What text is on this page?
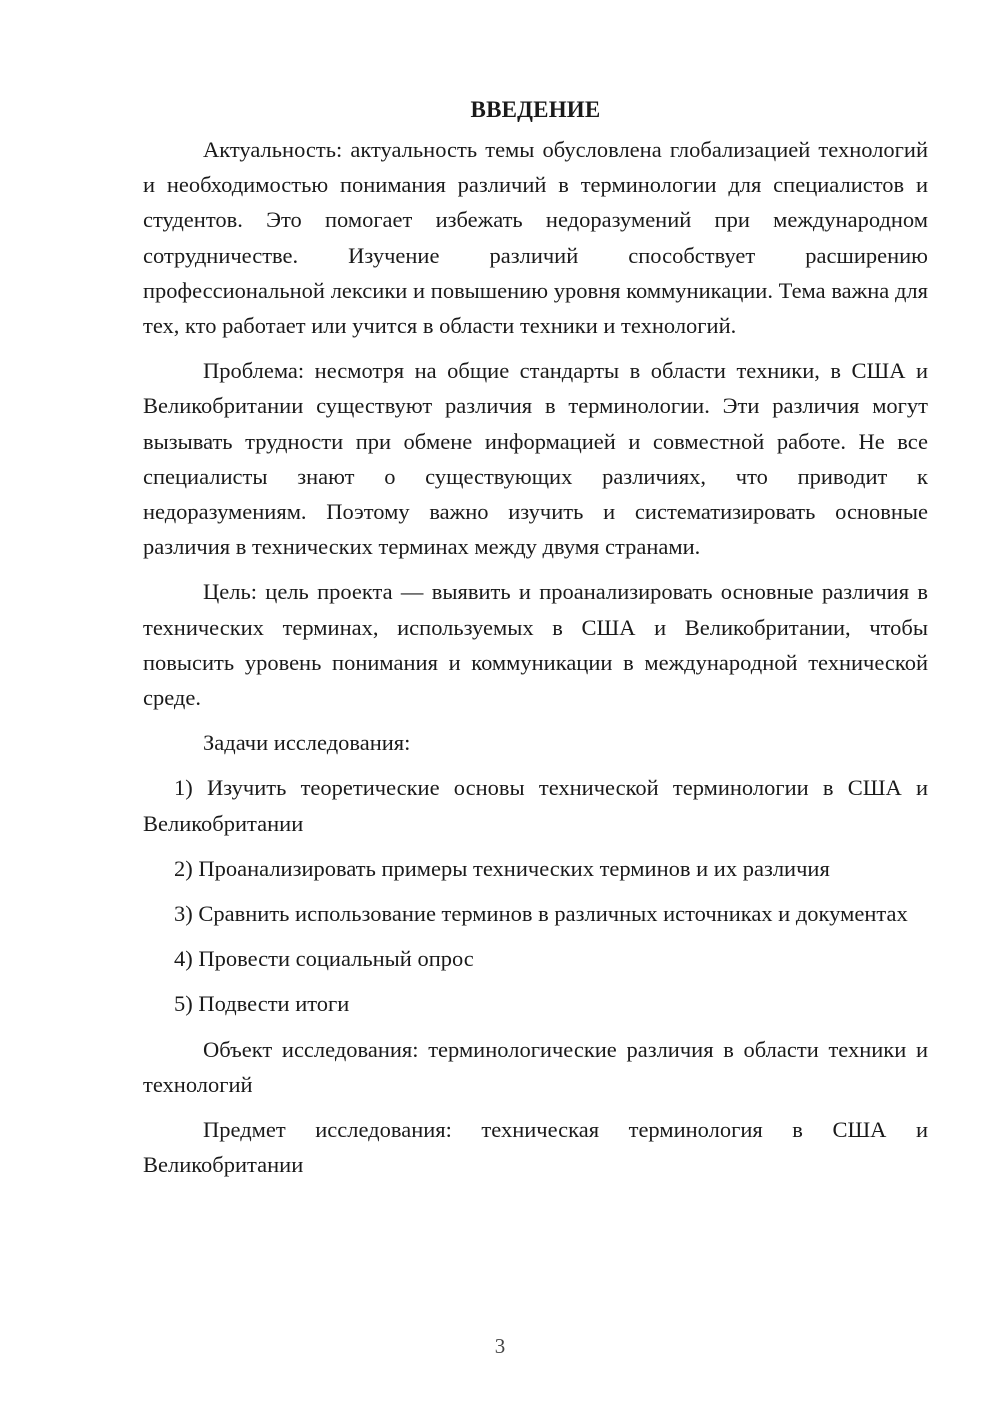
ВВЕДЕНИЕ

Актуальность: актуальность темы обусловлена глобализацией технологий и необходимостью понимания различий в терминологии для специалистов и студентов. Это помогает избежать недоразумений при международном сотрудничестве. Изучение различий способствует расширению профессиональной лексики и повышению уровня коммуникации. Тема важна для тех, кто работает или учится в области техники и технологий.

Проблема: несмотря на общие стандарты в области техники, в США и Великобритании существуют различия в терминологии. Эти различия могут вызывать трудности при обмене информацией и совместной работе. Не все специалисты знают о существующих различиях, что приводит к недоразумениям. Поэтому важно изучить и систематизировать основные различия в технических терминах между двумя странами.

Цель: цель проекта — выявить и проанализировать основные различия в технических терминах, используемых в США и Великобритании, чтобы повысить уровень понимания и коммуникации в международной технической среде.

Задачи исследования:

1) Изучить теоретические основы технической терминологии в США и Великобритании

2) Проанализировать примеры технических терминов и их различия

3) Сравнить использование терминов в различных источниках и документах

4) Провести социальный опрос

5) Подвести итоги

Объект исследования: терминологические различия в области техники и технологий

Предмет исследования: техническая терминология в США и Великобритании

3
